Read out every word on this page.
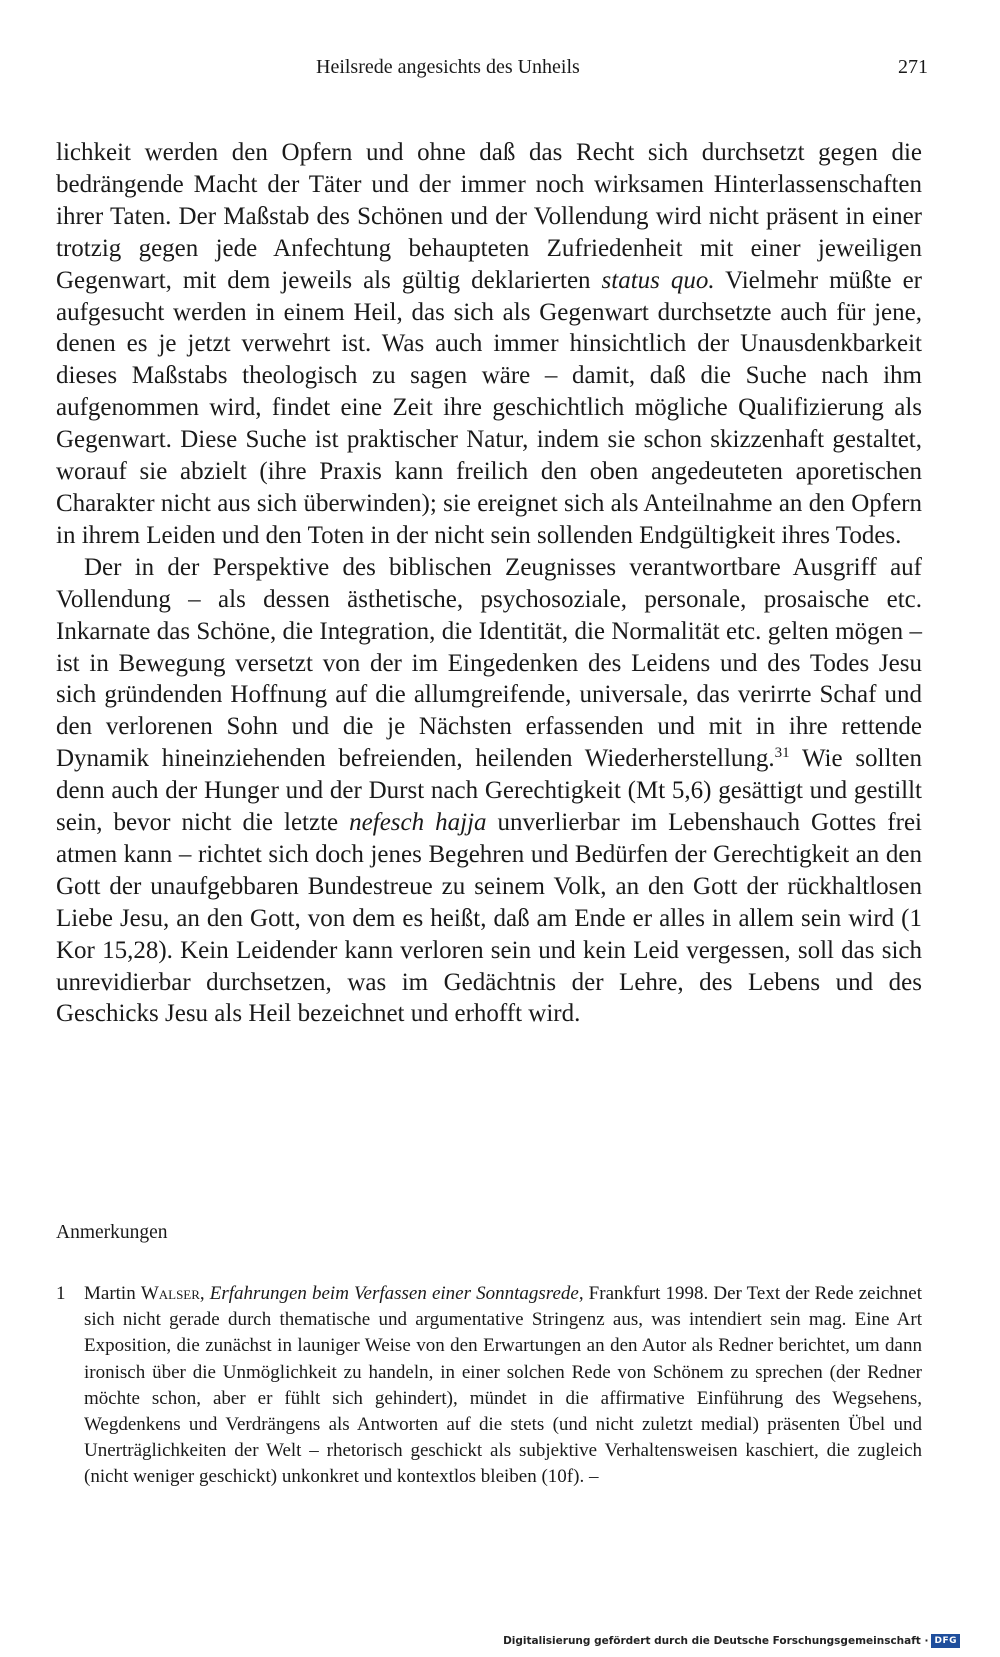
Heilsrede angesichts des Unheils	271

lichkeit werden den Opfern und ohne daß das Recht sich durchsetzt gegen die bedrängende Macht der Täter und der immer noch wirksamen Hinterlassenschaften ihrer Taten. Der Maßstab des Schönen und der Vollendung wird nicht präsent in einer trotzig gegen jede Anfechtung behaupteten Zufriedenheit mit einer jeweiligen Gegenwart, mit dem jeweils als gültig deklarierten status quo. Vielmehr müßte er aufgesucht werden in einem Heil, das sich als Gegenwart durchsetzte auch für jene, denen es je jetzt verwehrt ist. Was auch immer hinsichtlich der Unausdenkbarkeit dieses Maßstabs theologisch zu sagen wäre – damit, daß die Suche nach ihm aufgenommen wird, findet eine Zeit ihre geschichtlich mögliche Qualifizierung als Gegenwart. Diese Suche ist praktischer Natur, indem sie schon skizzenhaft gestaltet, worauf sie abzielt (ihre Praxis kann freilich den oben angedeuteten aporetischen Charakter nicht aus sich überwinden); sie ereignet sich als Anteilnahme an den Opfern in ihrem Leiden und den Toten in der nicht sein sollenden Endgültigkeit ihres Todes.

Der in der Perspektive des biblischen Zeugnisses verantwortbare Ausgriff auf Vollendung – als dessen ästhetische, psychosoziale, personale, prosaische etc. Inkarnate das Schöne, die Integration, die Identität, die Normalität etc. gelten mögen – ist in Bewegung versetzt von der im Eingedenken des Leidens und des Todes Jesu sich gründenden Hoffnung auf die allumgreifende, universale, das verirrte Schaf und den verlorenen Sohn und die je Nächsten erfassenden und mit in ihre rettende Dynamik hineinziehenden befreienden, heilenden Wiederherstellung.$^{31}$ Wie sollten denn auch der Hunger und der Durst nach Gerechtigkeit (Mt 5,6) gesättigt und gestillt sein, bevor nicht die letzte nefesch hajja unverlierbar im Lebenshauch Gottes frei atmen kann – richtet sich doch jenes Begehren und Bedürfen der Gerechtigkeit an den Gott der unaufgebbaren Bundestreue zu seinem Volk, an den Gott der rückhaltlosen Liebe Jesu, an den Gott, von dem es heißt, daß am Ende er alles in allem sein wird (1 Kor 15,28). Kein Leidender kann verloren sein und kein Leid vergessen, soll das sich unrevidierbar durchsetzen, was im Gedächtnis der Lehre, des Lebens und des Geschicks Jesu als Heil bezeichnet und erhofft wird.

Anmerkungen
1 Martin Walser, Erfahrungen beim Verfassen einer Sonntagsrede, Frankfurt 1998. Der Text der Rede zeichnet sich nicht gerade durch thematische und argumentative Stringenz aus, was intendiert sein mag. Eine Art Exposition, die zunächst in launiger Weise von den Erwartungen an den Autor als Redner berichtet, um dann ironisch über die Unmöglichkeit zu handeln, in einer solchen Rede von Schönem zu sprechen (der Redner möchte schon, aber er fühlt sich gehindert), mündet in die affirmative Einführung des Wegsehens, Wegdenkens und Verdrängens als Antworten auf die stets (und nicht zuletzt medial) präsenten Übel und Unerträglichkeiten der Welt – rhetorisch geschickt als subjektive Verhaltensweisen kaschiert, die zugleich (nicht weniger geschickt) unkonkret und kontextlos bleiben (10f). –
Digitalisierung gefördert durch die Deutsche Forschungsgemeinschaft · DFG
